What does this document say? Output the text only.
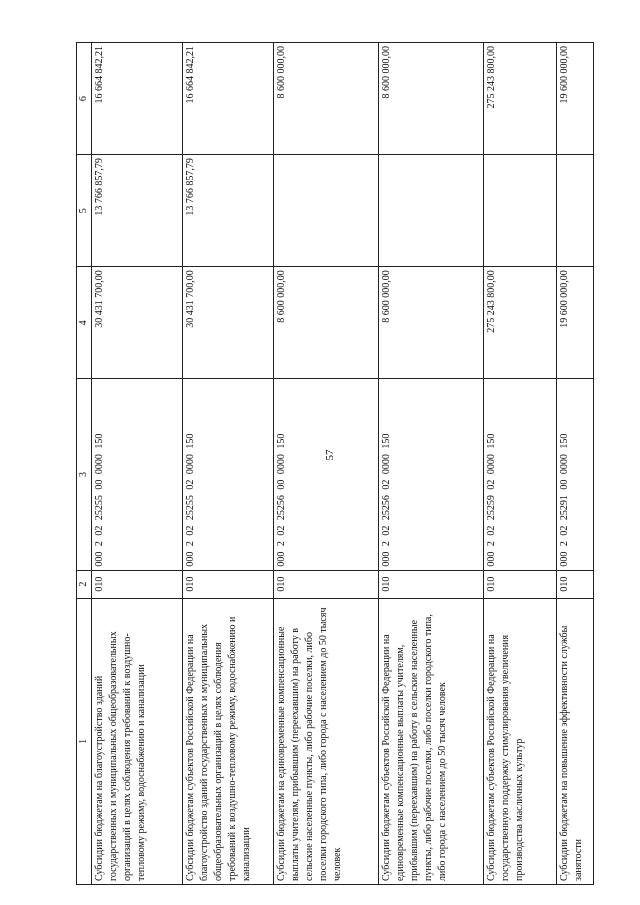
57
1	2	3	4	5	6
Субсидии бюджетам на благоустройство зданий государственных и муниципальных общеобразовательных организаций в целях соблюдения требований к воздушно-тепловому режиму, водоснабжению и канализации	010	000 2 02 25255 00 0000 150	30 431 700,00	13 766 857,79	16 664 842,21
Субсидии бюджетам субъектов Российской Федерации на благоустройство зданий государственных и муниципальных общеобразовательных организаций в целях соблюдения требований к воздушно-тепловому режиму, водоснабжению и канализации	010	000 2 02 25255 02 0000 150	30 431 700,00	13 766 857,79	16 664 842,21
Субсидии бюджетам на единовременные компенсационные выплаты учителям, прибывшим (переехавшим) на работу в сельские населенные пункты, либо рабочие поселки, либо поселки городского типа, либо города с населением до 50 тысяч человек	010	000 2 02 25256 00 0000 150	8 600 000,00		8 600 000,00
Субсидии бюджетам субъектов Российской Федерации на единовременные компенсационные выплаты учителям, прибывшим (переехавшим) на работу в сельские населенные пункты, либо рабочие поселки, либо поселки городского типа, либо города с населением до 50 тысяч человек	010	000 2 02 25256 02 0000 150	8 600 000,00		8 600 000,00
Субсидии бюджетам субъектов Российской Федерации на государственную поддержку стимулирования увеличения производства масличных культур	010	000 2 02 25259 02 0000 150	275 243 800,00		275 243 800,00
Субсидии бюджетам на повышение эффективности службы занятости	010	000 2 02 25291 00 0000 150	19 600 000,00		19 600 000,00
